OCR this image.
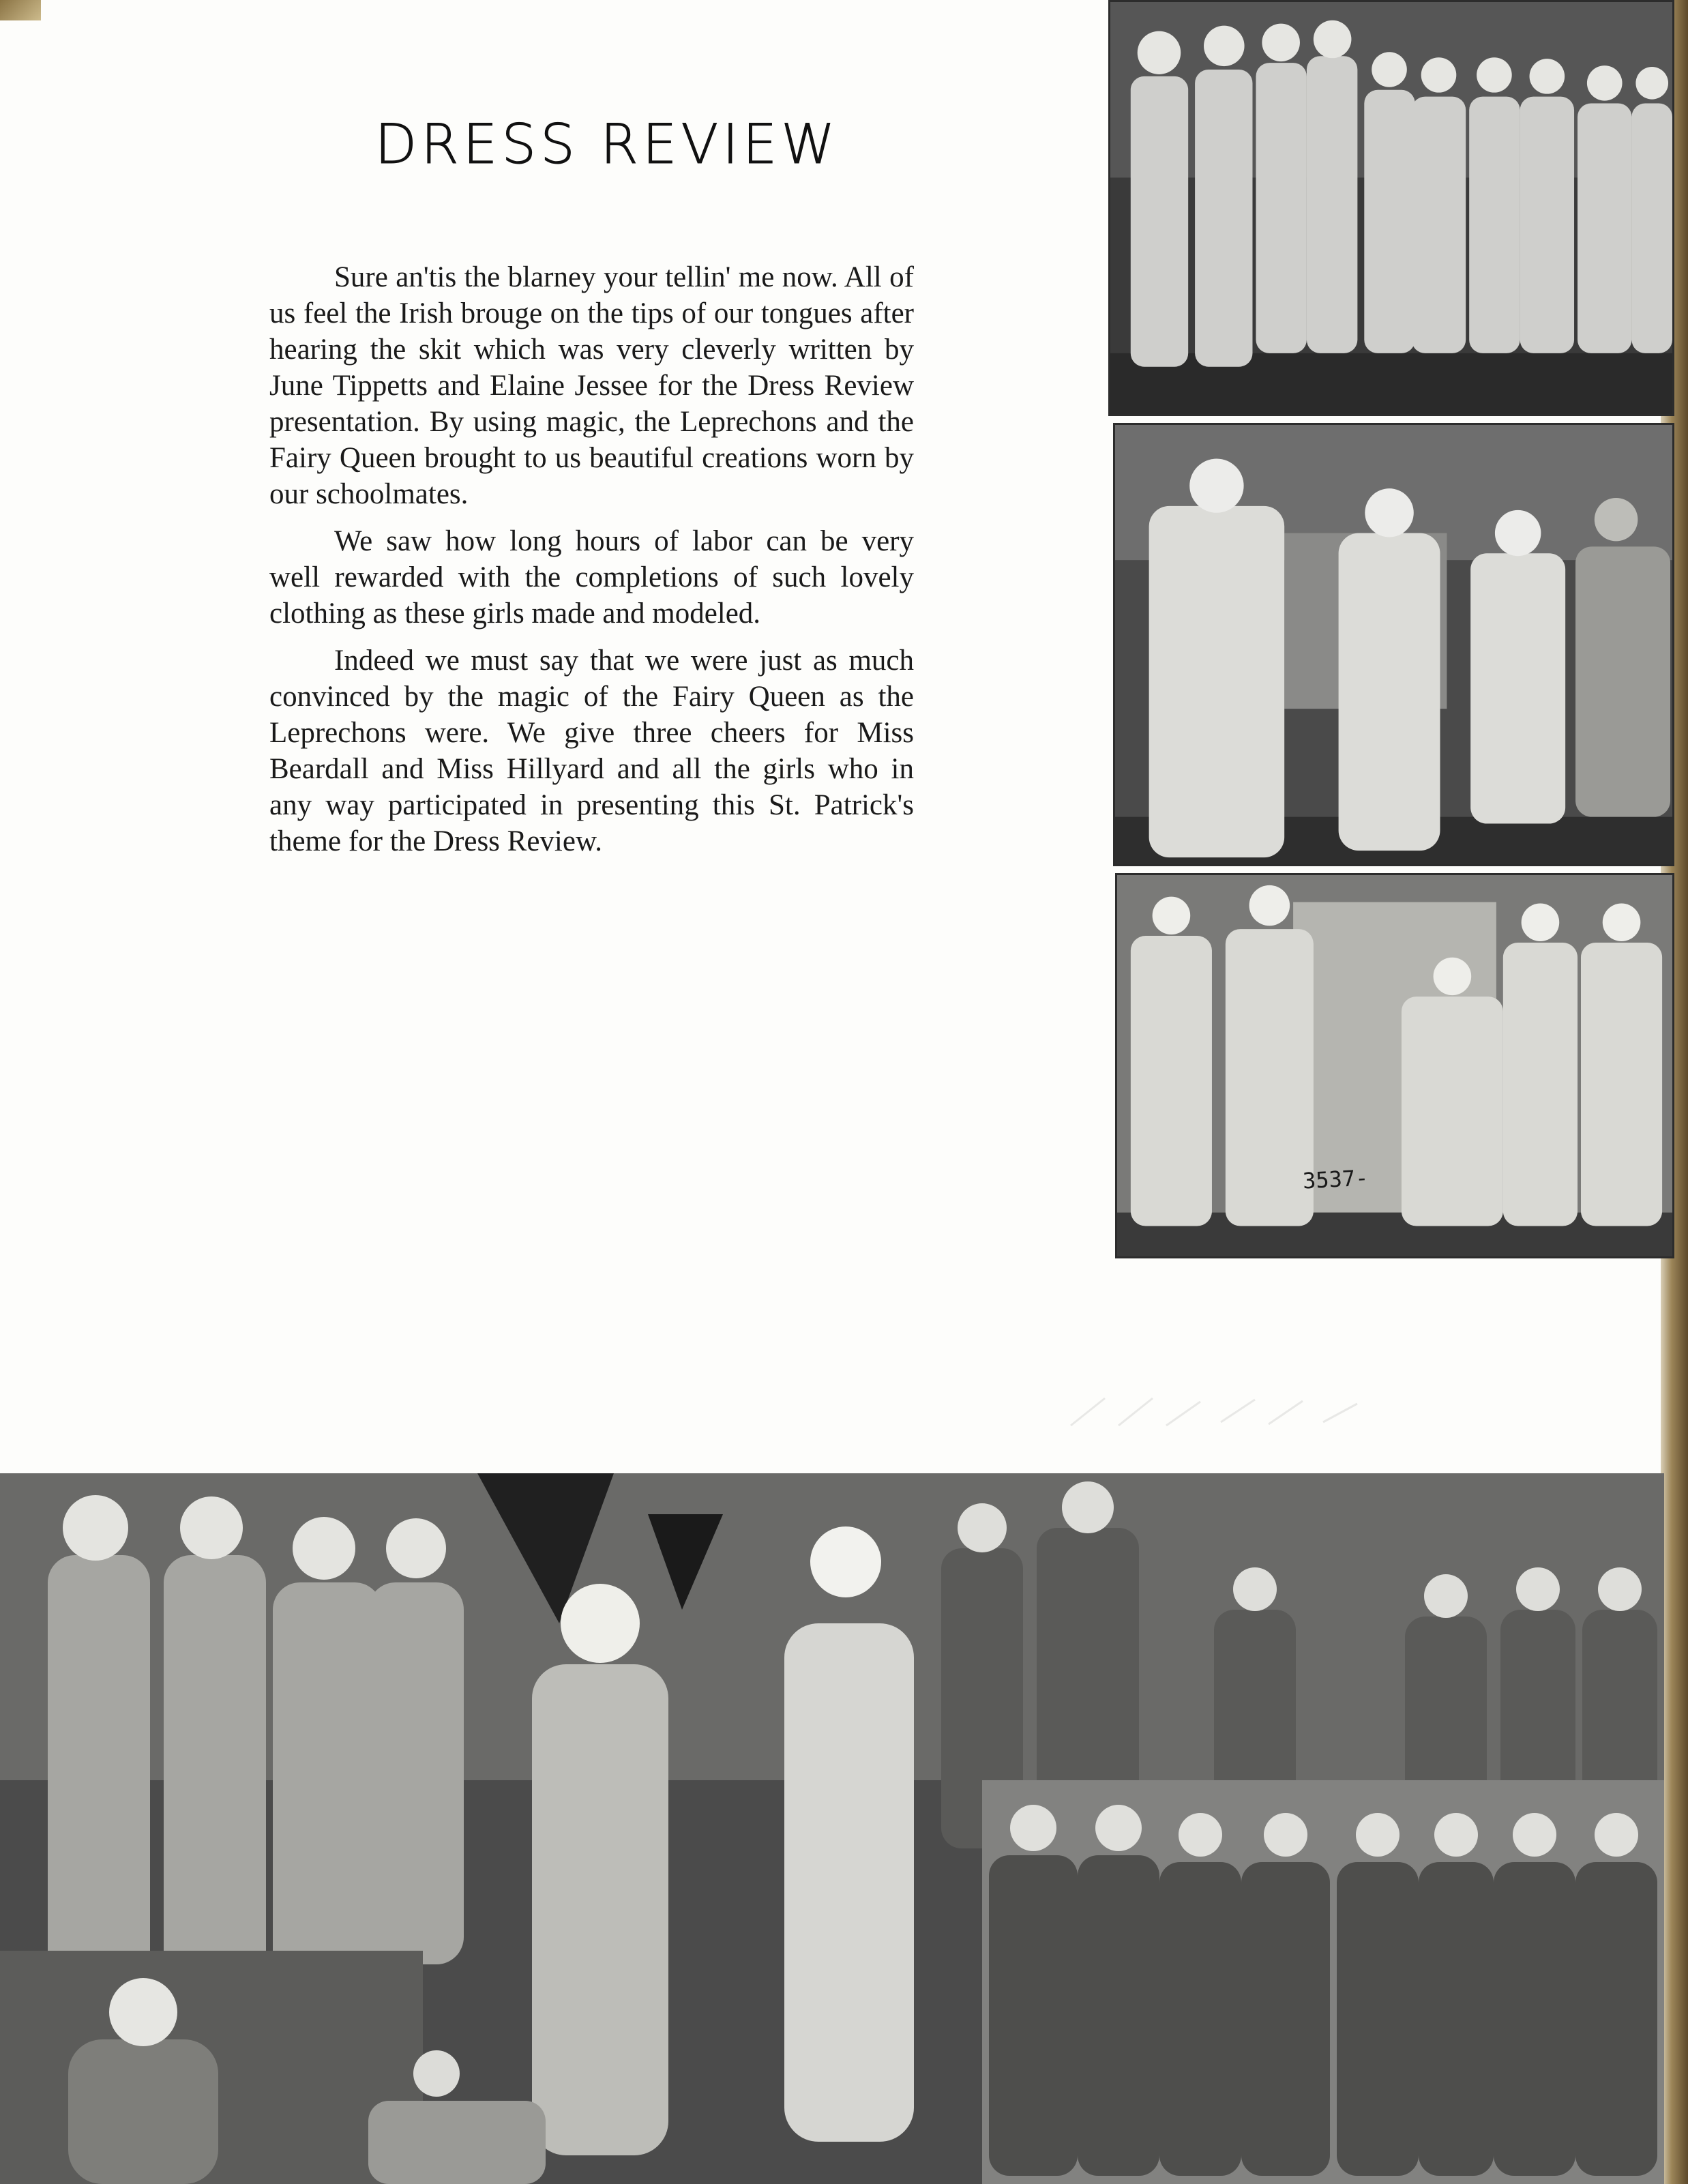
DRESS REVIEW

Sure an'tis the blarney your tellin' me now. All of us feel the Irish brouge on the tips of our tongues after hearing the skit which was very cleverly written by June Tippetts and Elaine Jessee for the Dress Review presentation. By using magic, the Leprechons and the Fairy Queen brought to us beautiful creations worn by our schoolmates.

We saw how long hours of labor can be very well rewarded with the completions of such lovely clothing as these girls made and modeled.

Indeed we must say that we were just as much convinced by the magic of the Fairy Queen as the Leprechons were. We give three cheers for Miss Beardall and Miss Hillyard and all the girls who in any way participated in presenting this St. Patrick's theme for the Dress Review.

3537-
